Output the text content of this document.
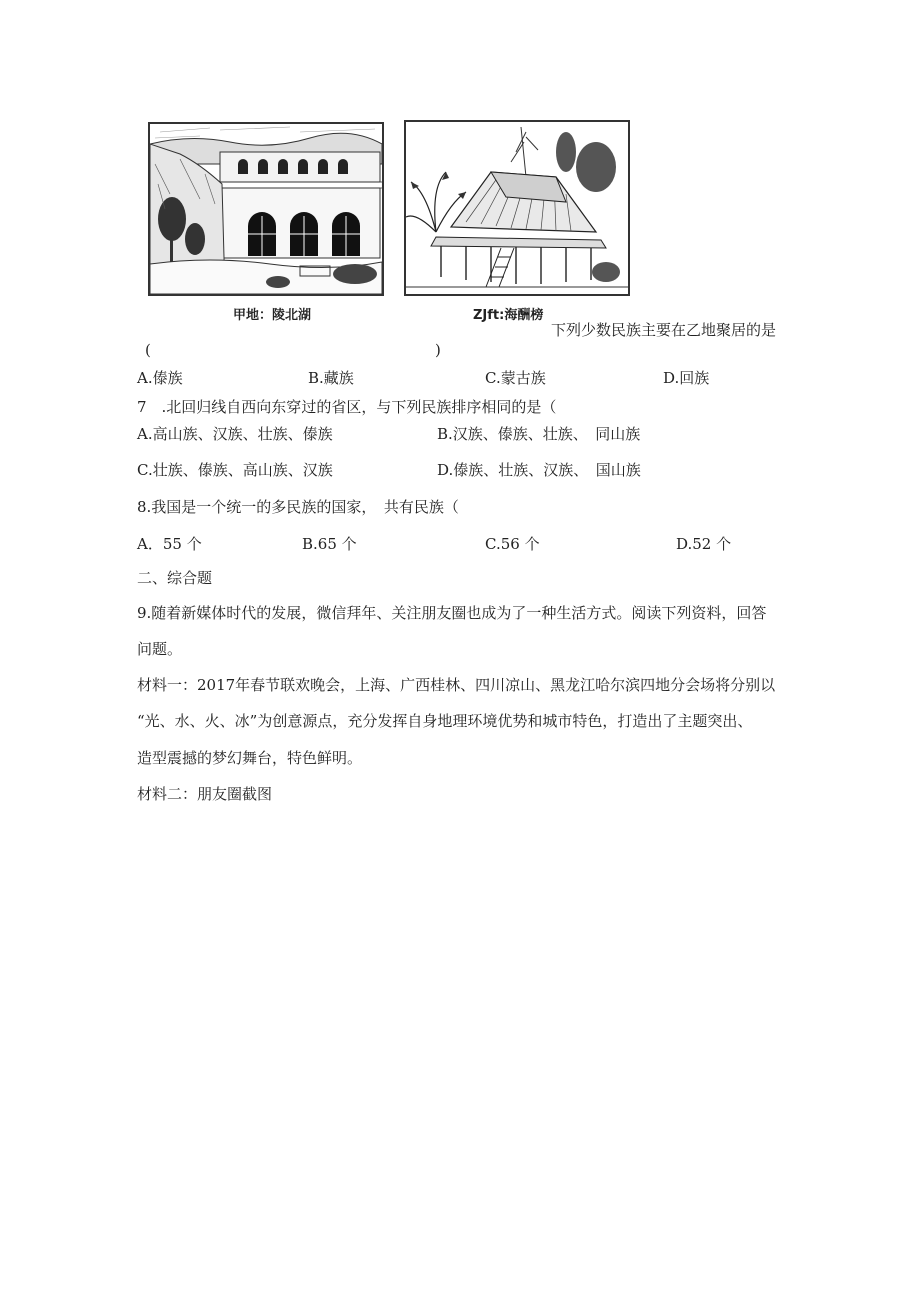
甲地：陵北湖	ZJft:海酬榜
下列少数民族主要在乙地聚居的是
(	)
A.傣族	B.藏族	C.蒙古族	D.回族
7　.北回归线自西向东穿过的省区，与下列民族排序相同的是（
A.高山族、汉族、壮族、傣族	B.汉族、傣族、壮族、　同山族
C.壮族、傣族、高山族、汉族	D.傣族、壮族、汉族、　国山族
8.我国是一个统一的多民族的国家，　共有民族（
A．55 个	B.65 个	C.56 个	D.52 个
二、综合题
9.随着新媒体时代的发展，微信拜年、关注朋友圈也成为了一种生活方式。阅读下列资料，回答
问题。
材料一：2017年春节联欢晚会，上海、广西桂林、四川凉山、黑龙江哈尔滨四地分会场将分别以
“光、水、火、冰”为创意源点，充分发挥自身地理环境优势和城市特色，打造出了主题突出、
造型震撼的梦幻舞台，特色鲜明。
材料二：朋友圈截图
